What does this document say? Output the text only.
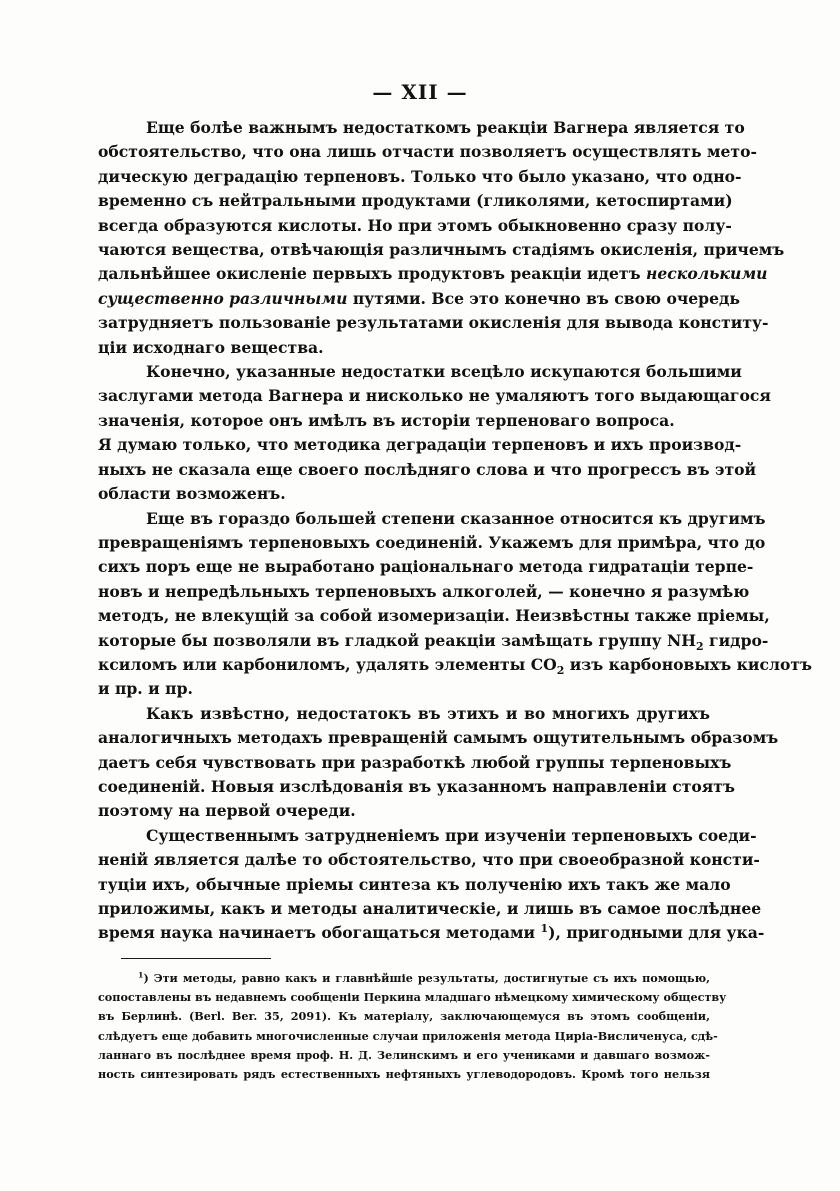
— XII —
Еще болѣе важнымъ недостаткомъ реакціи Вагнера является то
обстоятельство, что она лишь отчасти позволяетъ осуществлять мето-
дическую деградацію терпеновъ. Только что было указано, что одно-
временно съ нейтральными продуктами (гликолями, кетоспиртами)
всегда образуются кислоты. Но при этомъ обыкновенно сразу полу-
чаются вещества, отвѣчающія различнымъ стадіямъ окисленія, причемъ
дальнѣйшее окисленіе первыхъ продуктовъ реакціи идетъ несколькими
существенно различными путями. Все это конечно въ свою очередь
затрудняетъ пользованіе результатами окисленія для вывода конститу-
ціи исходнаго вещества.
Конечно, указанные недостатки всецѣло искупаются большими
заслугами метода Вагнера и нисколько не умаляютъ того выдающагося
значенія, которое онъ имѣлъ въ исторіи терпеноваго вопроса.
Я думаю только, что методика деградаціи терпеновъ и ихъ производ-
ныхъ не сказала еще своего послѣдняго слова и что прогрессъ въ этой
области возможенъ.
Еще въ гораздо большей степени сказанное относится къ другимъ
превращеніямъ терпеновыхъ соединеній. Укажемъ для примѣра, что до
сихъ поръ еще не выработано раціональнаго метода гидратаціи терпе-
новъ и непредѣльныхъ терпеновыхъ алкоголей, — конечно я разумѣю
методъ, не влекущій за собой изомеризаціи. Неизвѣстны также пріемы,
которые бы позволяли въ гладкой реакціи замѣщать группу $NH_2$ гидро-
ксиломъ или карбониломъ, удалять элементы $CO_2$ изъ карбоновыхъ кислотъ
и пр. и пр.
Какъ извѣстно, недостатокъ въ этихъ и во многихъ другихъ
аналогичныхъ методахъ превращеній самымъ ощутительнымъ образомъ
даетъ себя чувствовать при разработкѣ любой группы терпеновыхъ
соединеній. Новыя изслѣдованія въ указанномъ направленіи стоятъ
поэтому на первой очереди.
Существеннымъ затрудненіемъ при изученіи терпеновыхъ соеди-
неній является далѣе то обстоятельство, что при своеобразной консти-
туціи ихъ, обычные пріемы синтеза къ полученію ихъ такъ же мало
приложимы, какъ и методы аналитическіе, и лишь въ самое послѣднее
время наука начинаетъ обогащаться методами $^1$), пригодными для ука-
$^1$) Эти методы, равно какъ и главнѣйшіе результаты, достигнутые съ ихъ помощью,
сопоставлены въ недавнемъ сообщеніи Перкина младшаго нѣмецкому химическому обществу
въ Берлинѣ. (Berl. Ber. 35, 2091). Къ матеріалу, заключающемуся въ этомъ сообщеніи,
слѣдуетъ еще добавить многочисленные случаи приложенія метода Циріа-Висличенуса, сдѣ-
ланнаго въ послѣднее время проф. Н. Д. Зелинскимъ и его учениками и давшаго возмож-
ность синтезировать рядъ естественныхъ нефтяныхъ углеводородовъ. Кромѣ того нельзя
